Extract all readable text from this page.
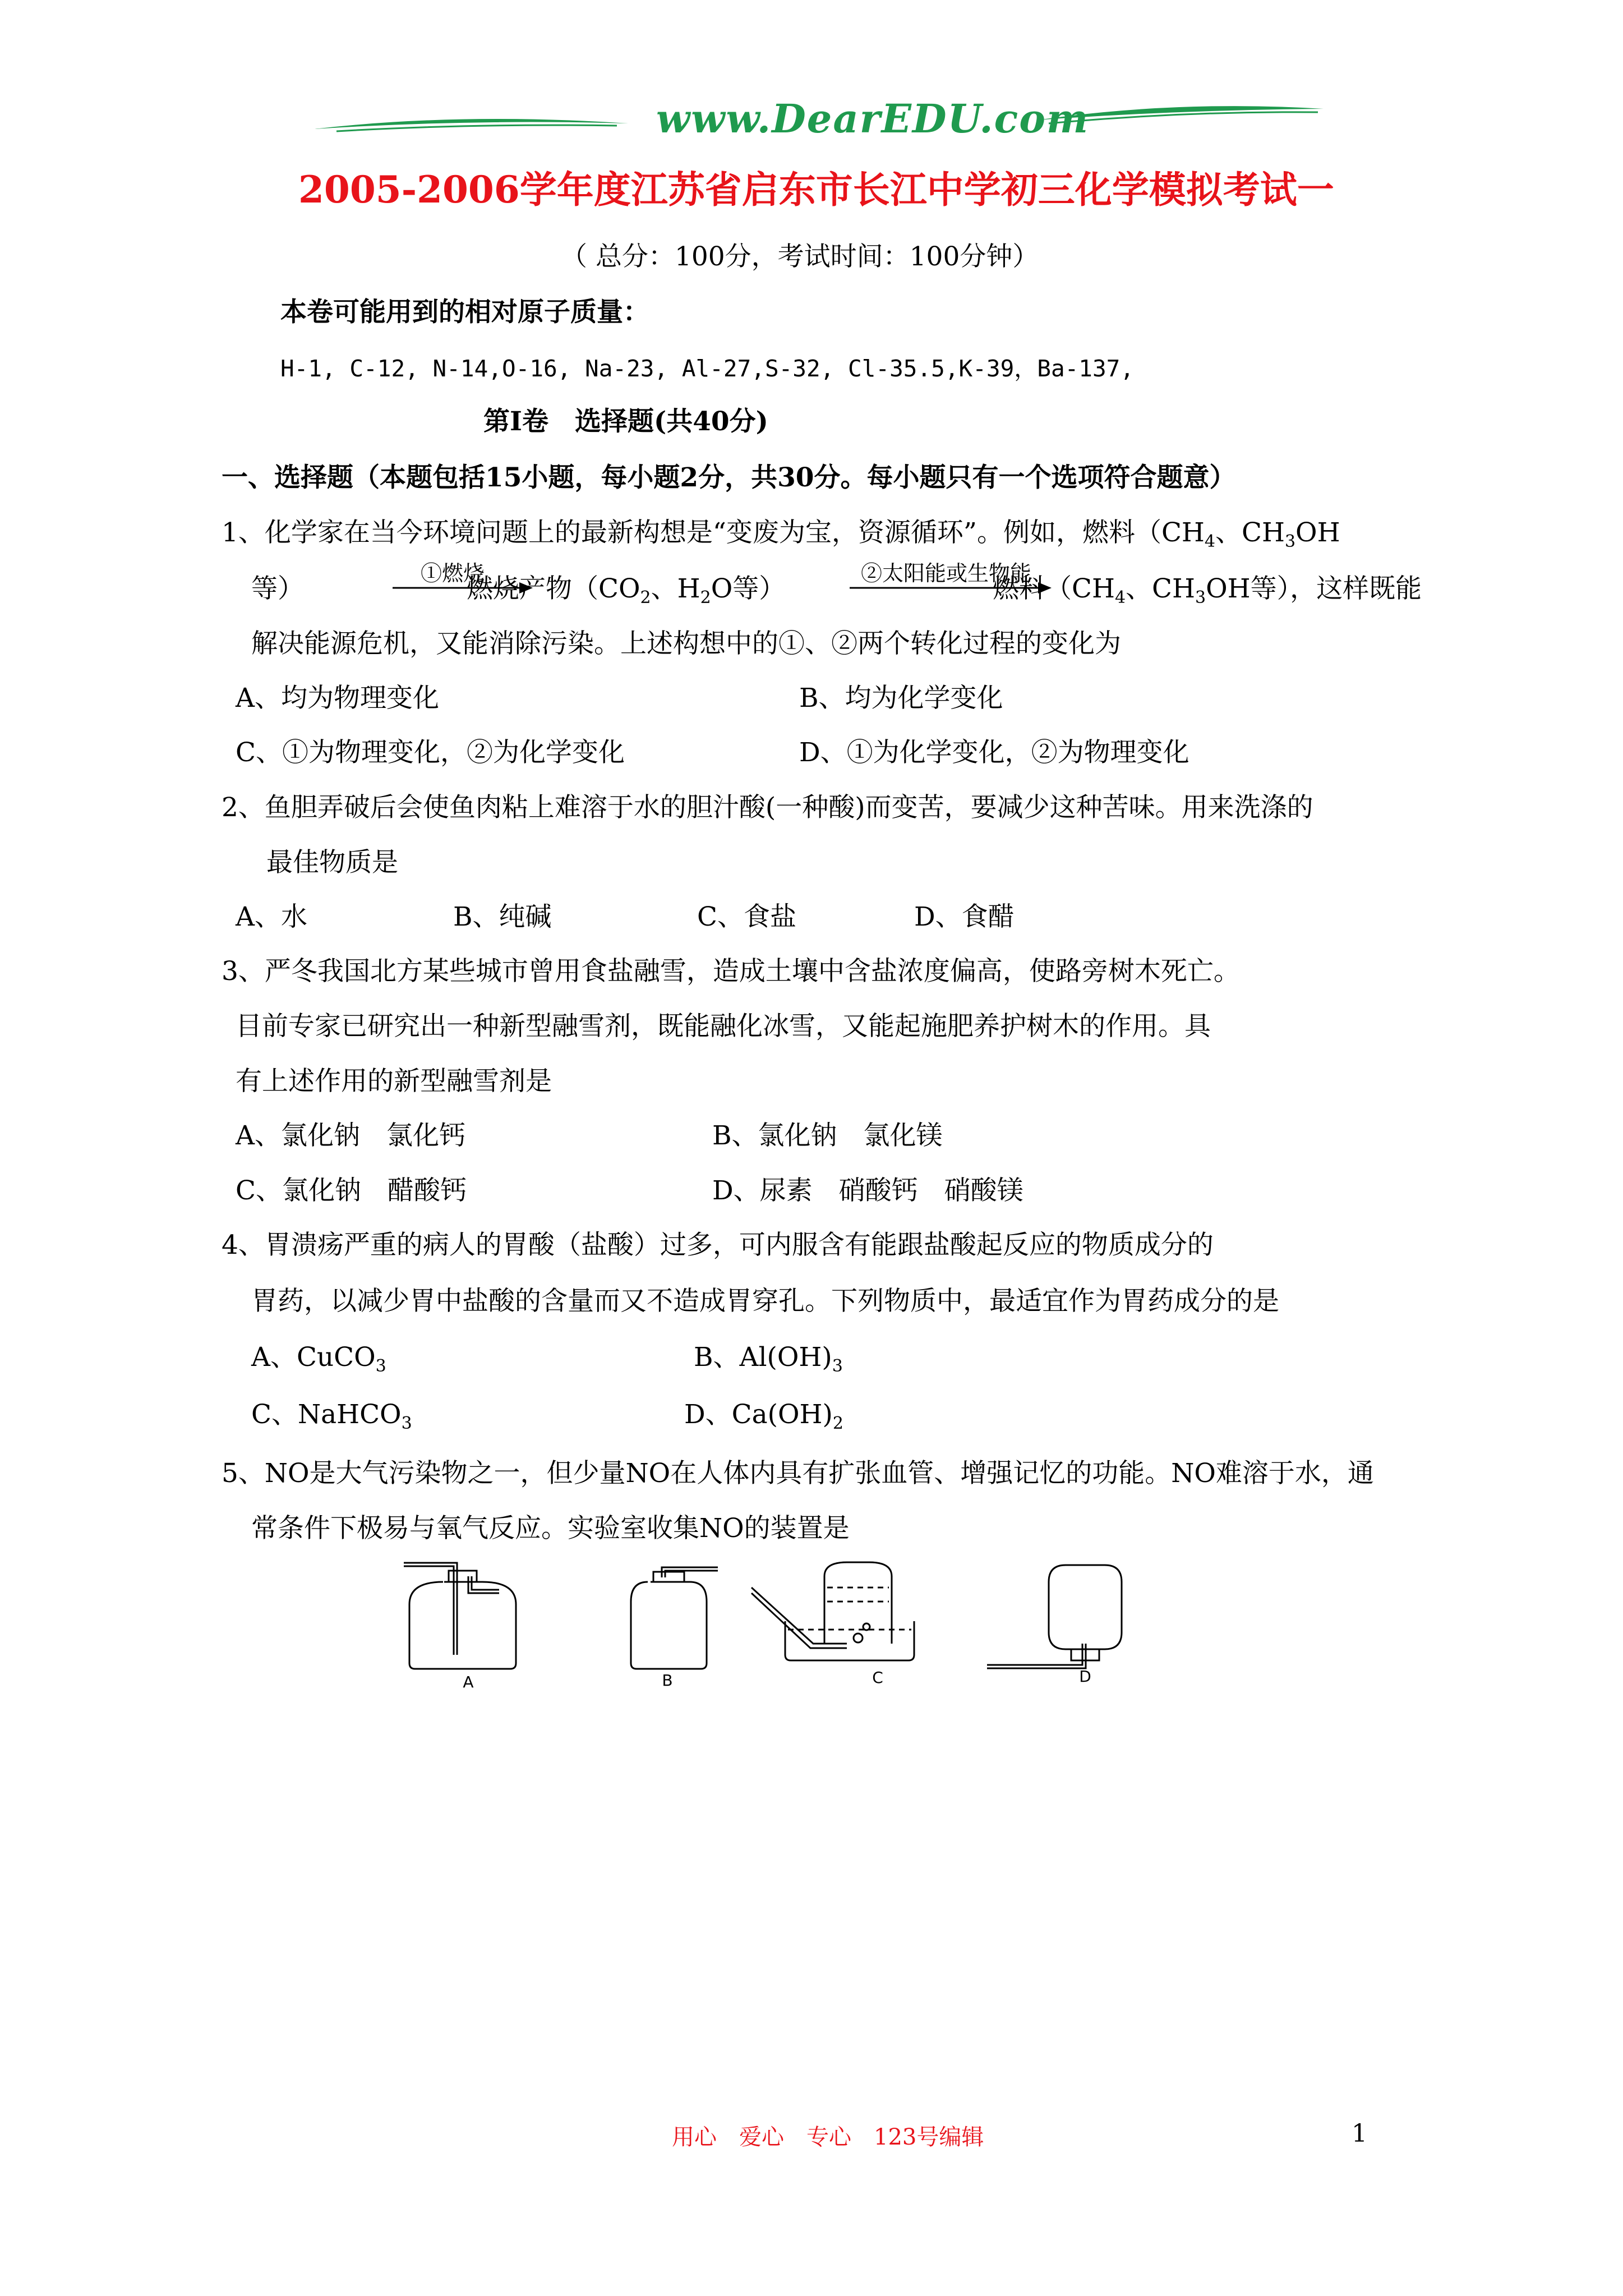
www.DearEDU.com
2005-2006学年度江苏省启东市长江中学初三化学模拟考试一
（ 总分：100分，考试时间：100分钟）
本卷可能用到的相对原子质量：
H-1, C-12, N-14,O-16, Na-23, Al-27,S-32, Cl-35.5,K-39，Ba-137,
第Ⅰ卷　选择题(共40分)
一、选择题（本题包括15小题，每小题2分，共30分。每小题只有一个选项符合题意）
1、化学家在当今环境问题上的最新构想是“变废为宝，资源循环”。例如，燃料（$CH_4$、$CH_3OH$
等）	①燃烧
燃烧产物（$CO_2$、$H_2O$等）	②太阳能或生物能
燃料（$CH_4$、$CH_3OH$等），这样既能
解决能源危机，又能消除污染。上述构想中的①、②两个转化过程的变化为
A、均为物理变化	B、均为化学变化
C、①为物理变化，②为化学变化	D、①为化学变化，②为物理变化
2、鱼胆弄破后会使鱼肉粘上难溶于水的胆汁酸(一种酸)而变苦，要减少这种苦味。用来洗涤的
最佳物质是
A、水	B、纯碱	C、食盐	D、食醋
3、严冬我国北方某些城市曾用食盐融雪，造成土壤中含盐浓度偏高，使路旁树木死亡。
目前专家已研究出一种新型融雪剂，既能融化冰雪，又能起施肥养护树木的作用。具
有上述作用的新型融雪剂是
A、氯化钠　氯化钙	B、氯化钠　氯化镁
C、氯化钠　醋酸钙	D、尿素　硝酸钙　硝酸镁
4、胃溃疡严重的病人的胃酸（盐酸）过多，可内服含有能跟盐酸起反应的物质成分的
胃药，以减少胃中盐酸的含量而又不造成胃穿孔。下列物质中，最适宜作为胃药成分的是
A、CuCO$_3$	B、$Al(OH)_3$
C、NaHCO$_3$	D、$Ca(OH)_2$
5、NO是大气污染物之一，但少量NO在人体内具有扩张血管、增强记忆的功能。NO难溶于水，通
常条件下极易与氧气反应。实验室收集NO的装置是
A	B	C	D
用心　爱心　专心　123号编辑	1
